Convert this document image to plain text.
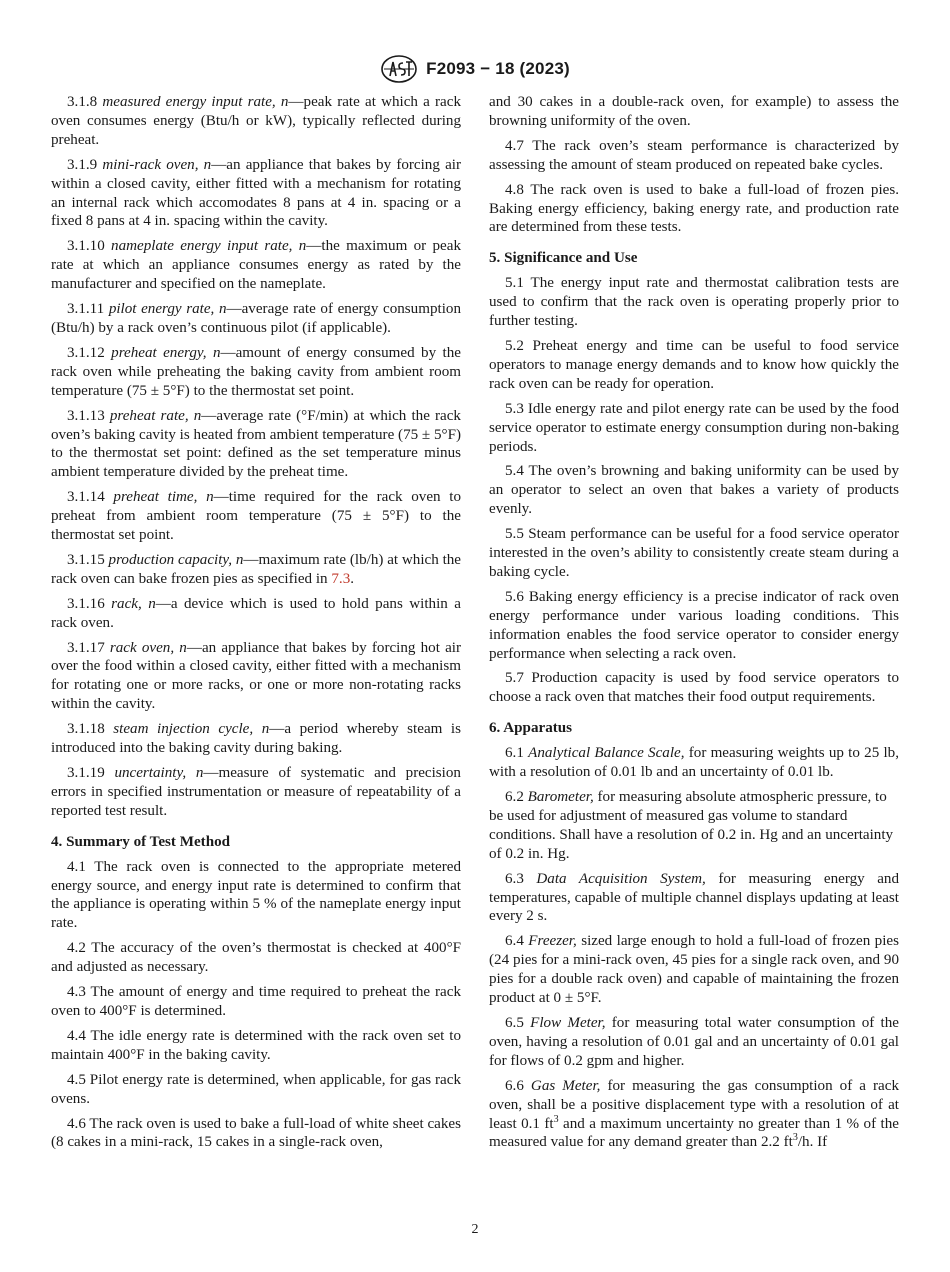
F2093 − 18 (2023)

3.1.8 measured energy input rate, n—peak rate at which a rack oven consumes energy (Btu/h or kW), typically reflected during preheat.

3.1.9 mini-rack oven, n—an appliance that bakes by forcing air within a closed cavity, either fitted with a mechanism for rotating an internal rack which accomodates 8 pans at 4 in. spacing or a fixed 8 pans at 4 in. spacing within the cavity.

3.1.10 nameplate energy input rate, n—the maximum or peak rate at which an appliance consumes energy as rated by the manufacturer and specified on the nameplate.

3.1.11 pilot energy rate, n—average rate of energy consumption (Btu/h) by a rack oven’s continuous pilot (if applicable).

3.1.12 preheat energy, n—amount of energy consumed by the rack oven while preheating the baking cavity from ambient room temperature (75 ± 5°F) to the thermostat set point.

3.1.13 preheat rate, n—average rate (°F/min) at which the rack oven’s baking cavity is heated from ambient temperature (75 ± 5°F) to the thermostat set point: defined as the set temperature minus ambient temperature divided by the preheat time.

3.1.14 preheat time, n—time required for the rack oven to preheat from ambient room temperature (75 ± 5°F) to the thermostat set point.

3.1.15 production capacity, n—maximum rate (lb/h) at which the rack oven can bake frozen pies as specified in 7.3.

3.1.16 rack, n—a device which is used to hold pans within a rack oven.

3.1.17 rack oven, n—an appliance that bakes by forcing hot air over the food within a closed cavity, either fitted with a mechanism for rotating one or more racks, or one or more non-rotating racks within the cavity.

3.1.18 steam injection cycle, n—a period whereby steam is introduced into the baking cavity during baking.

3.1.19 uncertainty, n—measure of systematic and precision errors in specified instrumentation or measure of repeatability of a reported test result.

4. Summary of Test Method

4.1 The rack oven is connected to the appropriate metered energy source, and energy input rate is determined to confirm that the appliance is operating within 5 % of the nameplate energy input rate.

4.2 The accuracy of the oven’s thermostat is checked at 400°F and adjusted as necessary.

4.3 The amount of energy and time required to preheat the rack oven to 400°F is determined.

4.4 The idle energy rate is determined with the rack oven set to maintain 400°F in the baking cavity.

4.5 Pilot energy rate is determined, when applicable, for gas rack ovens.

4.6 The rack oven is used to bake a full-load of white sheet cakes (8 cakes in a mini-rack, 15 cakes in a single-rack oven,

and 30 cakes in a double-rack oven, for example) to assess the browning uniformity of the oven.

4.7 The rack oven’s steam performance is characterized by assessing the amount of steam produced on repeated bake cycles.

4.8 The rack oven is used to bake a full-load of frozen pies. Baking energy efficiency, baking energy rate, and production rate are determined from these tests.

5. Significance and Use

5.1 The energy input rate and thermostat calibration tests are used to confirm that the rack oven is operating properly prior to further testing.

5.2 Preheat energy and time can be useful to food service operators to manage energy demands and to know how quickly the rack oven can be ready for operation.

5.3 Idle energy rate and pilot energy rate can be used by the food service operator to estimate energy consumption during non-baking periods.

5.4 The oven’s browning and baking uniformity can be used by an operator to select an oven that bakes a variety of products evenly.

5.5 Steam performance can be useful for a food service operator interested in the oven’s ability to consistently create steam during a baking cycle.

5.6 Baking energy efficiency is a precise indicator of rack oven energy performance under various loading conditions. This information enables the food service operator to consider energy performance when selecting a rack oven.

5.7 Production capacity is used by food service operators to choose a rack oven that matches their food output requirements.

6. Apparatus

6.1 Analytical Balance Scale, for measuring weights up to 25 lb, with a resolution of 0.01 lb and an uncertainty of 0.01 lb.

6.2 Barometer, for measuring absolute atmospheric pressure, to be used for adjustment of measured gas volume to standard conditions. Shall have a resolution of 0.2 in. Hg and an uncertainty of 0.2 in. Hg.

6.3 Data Acquisition System, for measuring energy and temperatures, capable of multiple channel displays updating at least every 2 s.

6.4 Freezer, sized large enough to hold a full-load of frozen pies (24 pies for a mini-rack oven, 45 pies for a single rack oven, and 90 pies for a double rack oven) and capable of maintaining the frozen product at 0 ± 5°F.

6.5 Flow Meter, for measuring total water consumption of the oven, having a resolution of 0.01 gal and an uncertainty of 0.01 gal for flows of 0.2 gpm and higher.

6.6 Gas Meter, for measuring the gas consumption of a rack oven, shall be a positive displacement type with a resolution of at least 0.1 $ft^3$ and a maximum uncertainty no greater than 1 % of the measured value for any demand greater than 2.2 $ft^3/h$. If

2
